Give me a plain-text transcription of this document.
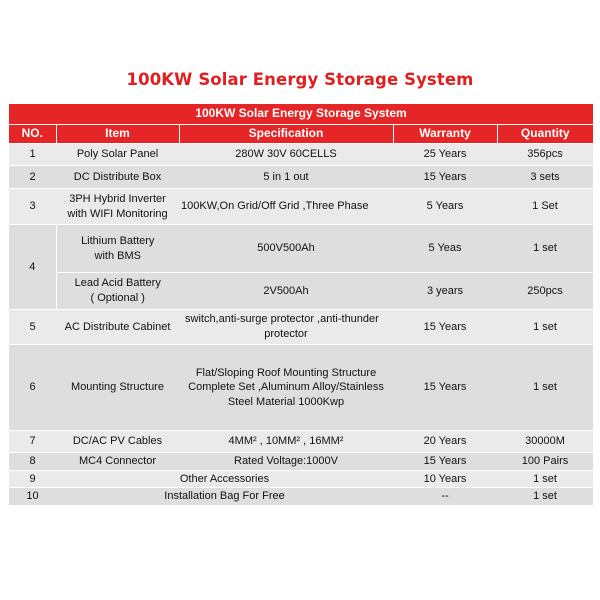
100KW Solar Energy Storage System
100KW Solar Energy Storage System				
NO.	Item	Specification	Warranty	Quantity
1	Poly Solar Panel	280W 30V 60CELLS	25 Years	356pcs
2	DC Distribute Box	5 in 1 out	15 Years	3 sets
3	3PH Hybrid Inverter
with WIFI Monitoring	100KW,On Grid/Off Grid ,Three Phase	5 Years	1 Set
4	Lithium Battery
with BMS	500V500Ah	5 Yeas	1 set

	Lead Acid Battery
( Optional )	2V500Ah	3 years	250pcs
5	AC Distribute Cabinet	switch,anti-surge protector ,anti-thunder
protector	15 Years	1 set
6	Mounting Structure	Flat/Sloping Roof Mounting Structure
Complete Set ,Aluminum Alloy/Stainless
Steel Material 1000Kwp	15 Years	1 set
7	DC/AC PV Cables	4MM² , 10MM² , 16MM²	20 Years	30000M
8	MC4 Connector	Rated Voltage:1000V	15 Years	100 Pairs
9	Other Accessories		10 Years	1 set
10	Installation Bag For Free		--	1 set
